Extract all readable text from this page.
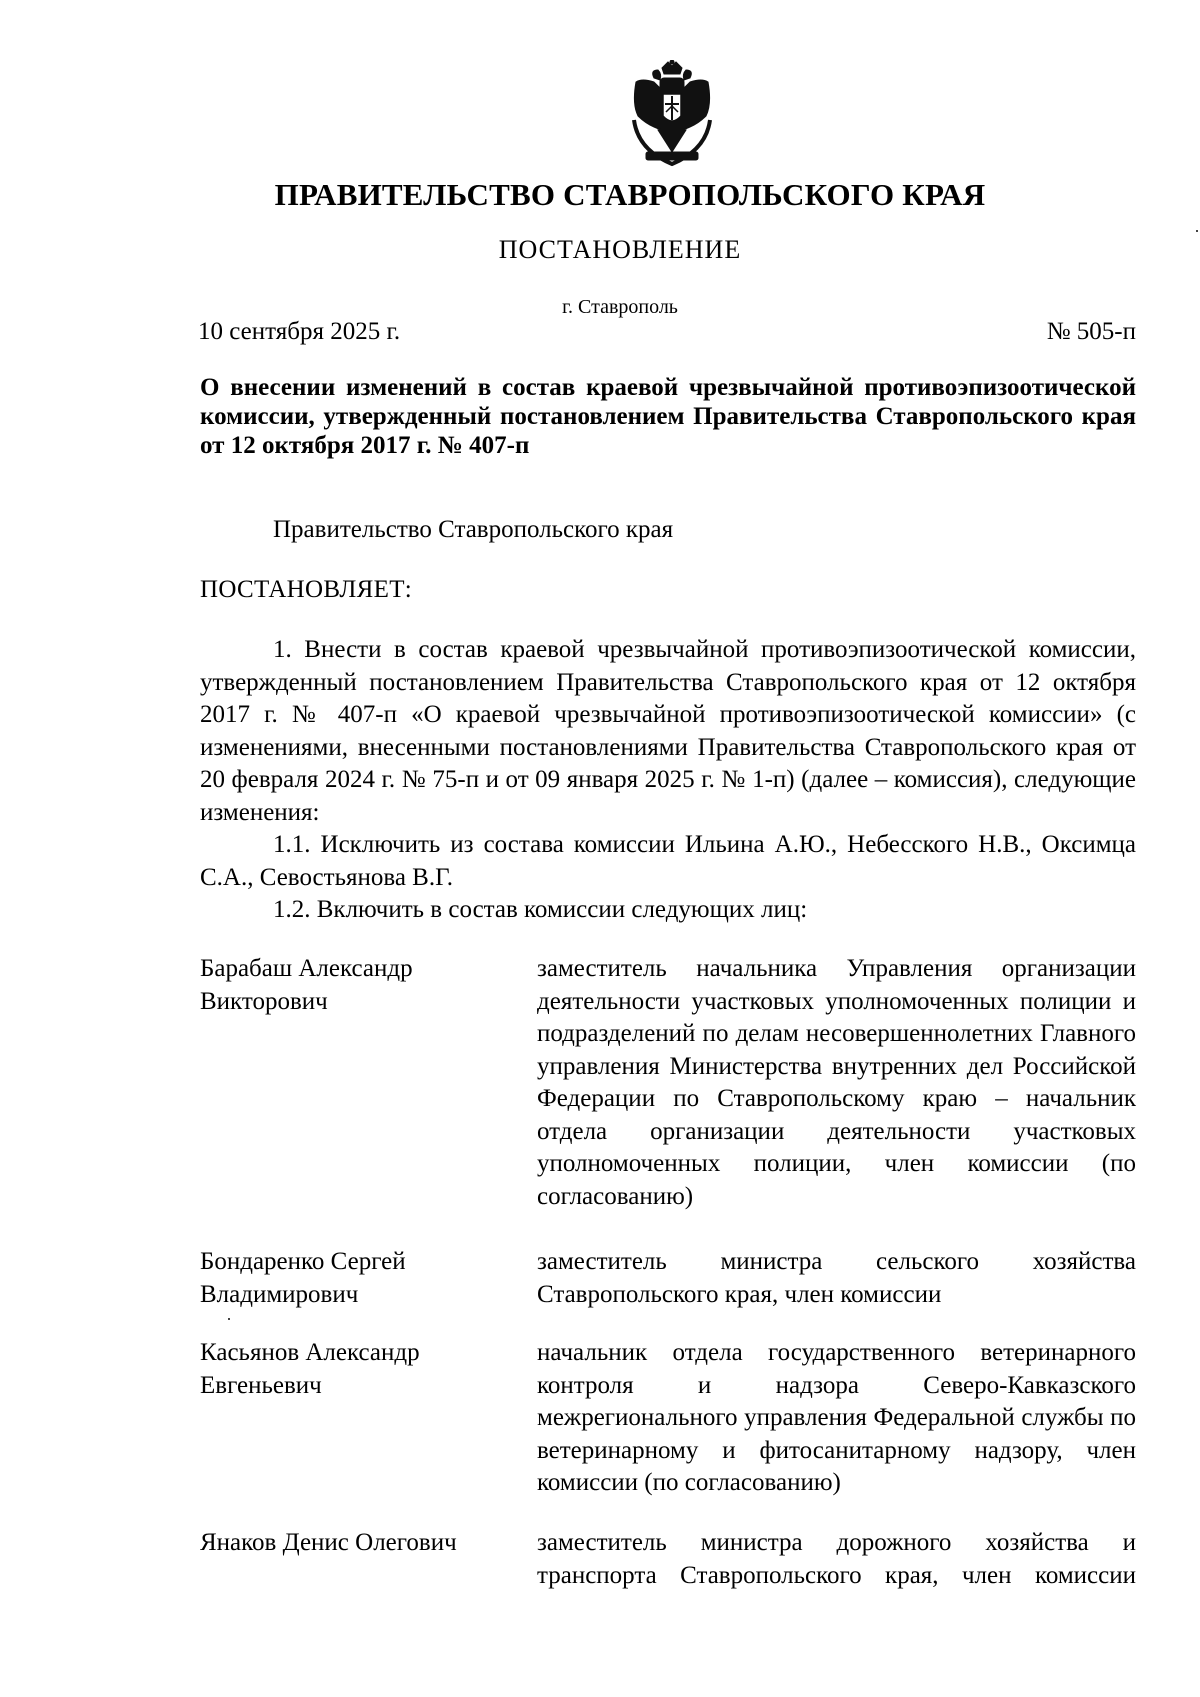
ПРАВИТЕЛЬСТВО СТАВРОПОЛЬСКОГО КРАЯ
ПОСТАНОВЛЕНИЕ
г. Ставрополь
10 сентября 2025 г.	№ 505-п
О внесении изменений в состав краевой чрезвычайной противоэпизоотической комиссии, утвержденный постановлением Правительства Ставропольского края от 12 октября 2017 г. № 407-п
Правительство Ставропольского края
ПОСТАНОВЛЯЕТ:

1. Внести в состав краевой чрезвычайной противоэпизоотической комиссии, утвержденный постановлением Правительства Ставропольского края от 12 октября 2017 г. № 407-п «О краевой чрезвычайной противоэпизоотической комиссии» (с изменениями, внесенными постановлениями Правительства Ставропольского края от 20 февраля 2024 г. № 75-п и от 09 января 2025 г. № 1-п) (далее – комиссия), следующие изменения:

1.1. Исключить из состава комиссии Ильина А.Ю., Небесского Н.В., Оксимца С.А., Севостьянова В.Г.

1.2. Включить в состав комиссии следующих лиц:

Барабаш Александр Викторович
заместитель начальника Управления организации деятельности участковых уполномоченных полиции и подразделений по делам несовершеннолетних Главного управления Министерства внутренних дел Российской Федерации по Ставропольскому краю – начальник отдела организации деятельности участковых уполномоченных полиции, член комиссии (по согласованию)
Бондаренко Сергей Владимирович
заместитель министра сельского хозяйства Ставропольского края, член комиссии
Касьянов Александр Евгеньевич
начальник отдела государственного ветеринарного контроля и надзора Северо-Кавказского межрегионального управления Федеральной службы по ветеринарному и фитосанитарному надзору, член комиссии (по согласованию)
Янаков Денис Олегович	заместитель министра дорожного хозяйства и транспорта Ставропольского края, член комиссии
